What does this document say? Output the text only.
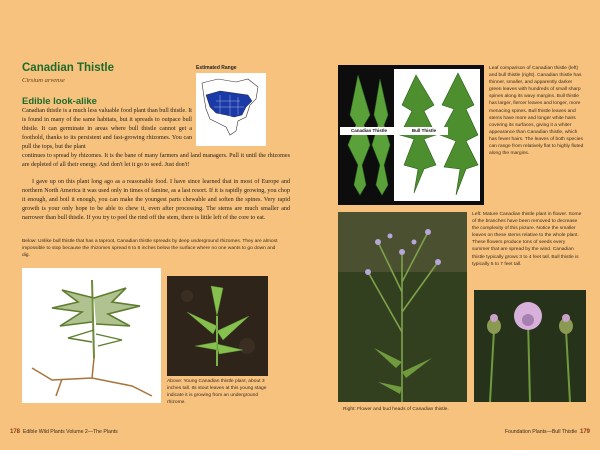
Canadian Thistle
Cirsium arvense
Edible look-alike
Estimated Range
Canadian thistle is a much less valuable food plant than bull thistle. It is found in many of the same habitats, but it spreads to outpace bull thistle. It can germinate in areas where bull thistle cannot get a foothold, thanks to its persistent and fast-growing rhizomes. You can pull the tops, but the plant
continues to spread by rhizomes. It is the bane of many farmers and land managers. Pull it until the rhizomes are depleted of all their energy. And don't let it go to seed. Just don't!
I gave up on this plant long ago as a reasonable food. I have since learned that in most of Europe and northern North America it was used only in times of famine, as a last resort. If it is rapidly growing, you chop it enough, and boil it enough, you can make the youngest parts chewable and soften the spines. Very rapid growth is your only hope to be able to chew it, even after processing. The stems are much smaller and narrower than bull thistle. If you try to peel the rind off the stem, there is little left of the core to eat.
Below: Unlike bull thistle that has a taproot, Canadian thistle spreads by deep underground rhizomes. They are almost impossible to stop because the rhizomes spread 6 to 8 inches below the surface where no one wants to go down and dig.
Above: Young Canadian thistle plant, about 3 inches tall. Its stout leaves at this young stage indicate it is growing from an underground rhizome.
178 Edible Wild Plants Volume 2—The Plants
Canadian Thistle	Bull Thistle
Leaf comparison of Canadian thistle (left) and bull thistle (right). Canadian thistle has thinner, smaller, and apparently darker green leaves with hundreds of small sharp spines along its wavy margins. Bull thistle has larger, fiercer leaves and longer, more menacing spines. Bull thistle leaves and stems have more and longer white hairs covering its surfaces, giving it a whiter appearance than Canadian thistle, which has fewer hairs. The leaves of both species can range from relatively flat to highly fluted along the margins.
Right: Flower and bud heads of Canadian thistle.
Left: Mature Canadian thistle plant in flower. Some of the branches have been removed to decrease the complexity of this picture. Notice the smaller leaves on these stems relative to the whole plant. These flowers produce tons of seeds every summer that are spread by the wind. Canadian thistle typically grows 3 to 4 feet tall. Bull thistle is typically 5 to 7 feet tall.
Foundation Plants—Bull Thistle 179
